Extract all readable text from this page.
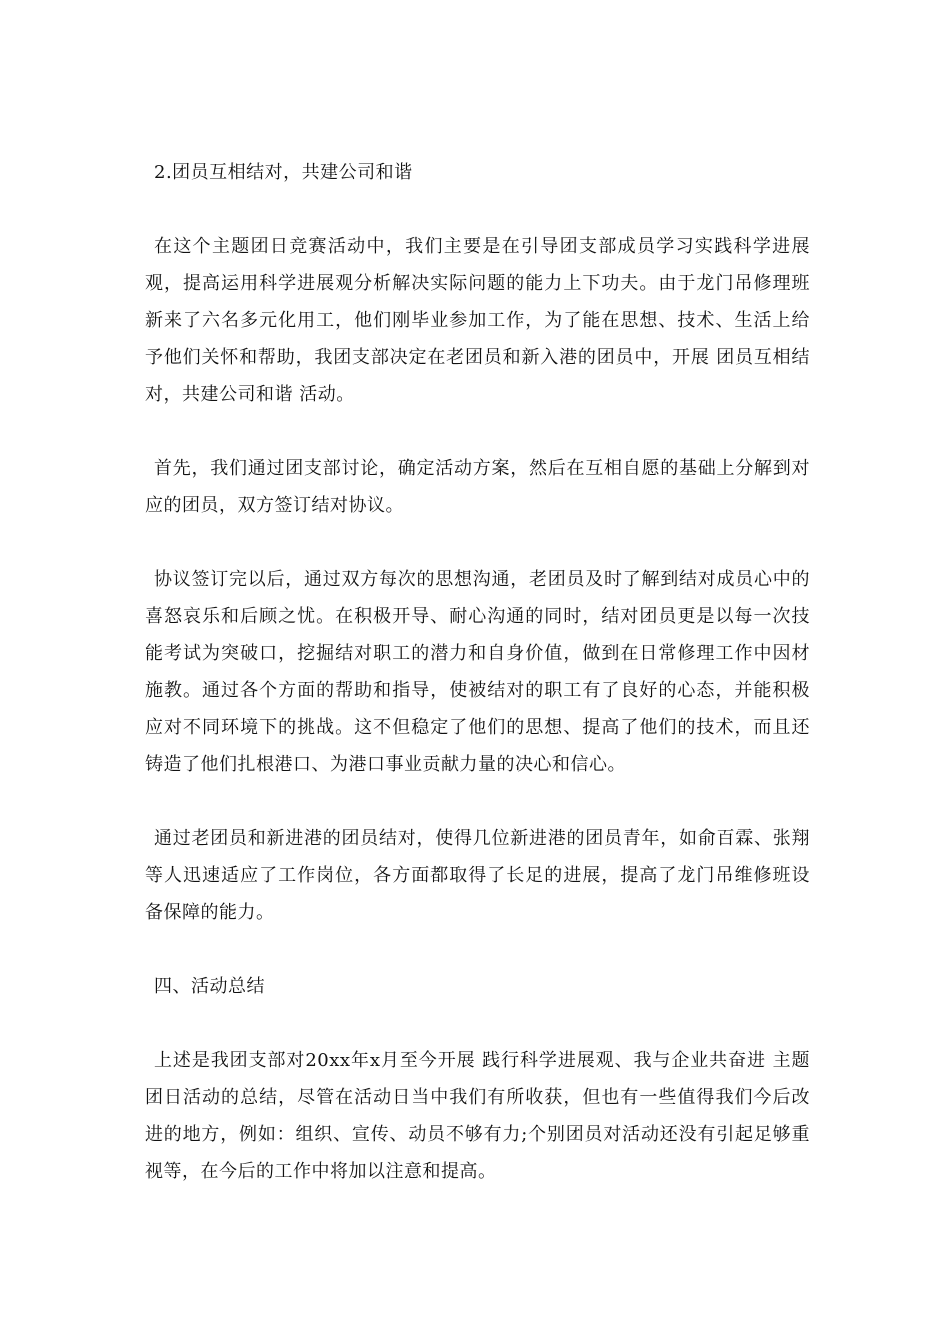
2.团员互相结对，共建公司和谐

在这个主题团日竞赛活动中，我们主要是在引导团支部成员学习实践科学进展观，提高运用科学进展观分析解决实际问题的能力上下功夫。由于龙门吊修理班新来了六名多元化用工，他们刚毕业参加工作，为了能在思想、技术、生活上给予他们关怀和帮助，我团支部决定在老团员和新入港的团员中，开展 团员互相结对，共建公司和谐 活动。

首先，我们通过团支部讨论，确定活动方案，然后在互相自愿的基础上分解到对应的团员，双方签订结对协议。

协议签订完以后，通过双方每次的思想沟通，老团员及时了解到结对成员心中的喜怒哀乐和后顾之忧。在积极开导、耐心沟通的同时，结对团员更是以每一次技能考试为突破口，挖掘结对职工的潜力和自身价值，做到在日常修理工作中因材施教。通过各个方面的帮助和指导，使被结对的职工有了良好的心态，并能积极应对不同环境下的挑战。这不但稳定了他们的思想、提高了他们的技术，而且还铸造了他们扎根港口、为港口事业贡献力量的决心和信心。

通过老团员和新进港的团员结对，使得几位新进港的团员青年，如俞百霖、张翔等人迅速适应了工作岗位，各方面都取得了长足的进展，提高了龙门吊维修班设备保障的能力。

四、活动总结

上述是我团支部对20xx年x月至今开展 践行科学进展观、我与企业共奋进 主题团日活动的总结，尽管在活动日当中我们有所收获，但也有一些值得我们今后改进的地方，例如：组织、宣传、动员不够有力;个别团员对活动还没有引起足够重视等，在今后的工作中将加以注意和提高。
